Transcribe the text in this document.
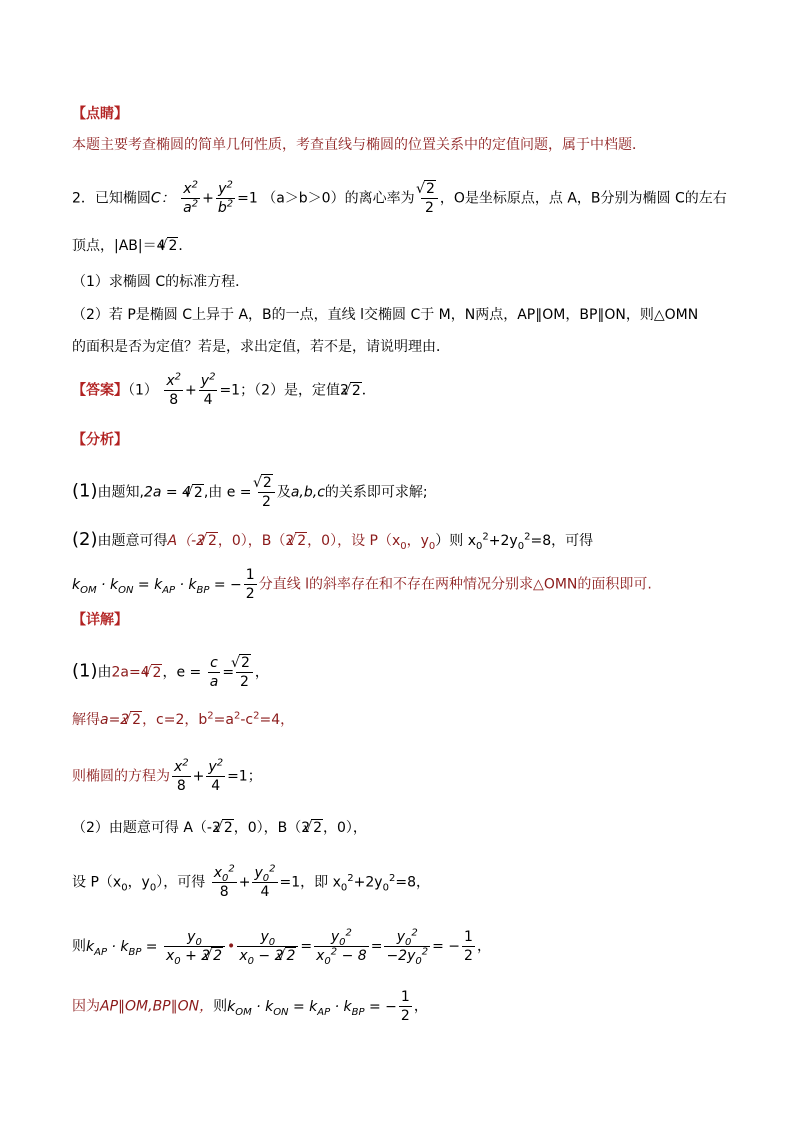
【点睛】
本题主要考查椭圆的简单几何性质，考查直线与椭圆的位置关系中的定值问题，属于中档题．
2．已知椭圆C： $\frac{x^2}{a^2} + \frac{y^2}{b^2} =1$ （a＞b＞0）的离心率为 √ $\frac{2}{2}$ ，O是坐标原点，点 A，B分别为椭圆 C的左右
顶点，|AB|＝4 √ 2．
（1）求椭圆 C的标准方程．
（2）若 P是椭圆 C上异于 A，B的一点，直线 l交椭圆 C于 M，N两点，AP∥OM，BP∥ON，则△OMN
的面积是否为定值？若是，求出定值，若不是，请说明理由．
【答案】$(1) \frac{x^2}{8} + \frac{y^2}{4} =1$；（2）是，定值2 √ 2．
【分析】
(1)由题知,2a = 4 √ 2,由 e = √ $\frac{2}{2}$ 及a,b,c的关系即可求解;
(2)由题意可得A（-2 √ 2，0），B（2 √ 2，0），设 $P(x_0$，$y_0$）则 $x_0^2+2y_0^2=8$，可得
$k_{OM} \cdot k_{ON} = k_{AP} \cdot k_{BP}$ = − $\frac{1}{2}$ 分直线 l的斜率存在和不存在两种情况分别求△OMN的面积即可.
【详解】
(1)由2a=4 √ 2，$e = \frac{c}{a}$ = √ $\frac{2}{2}$ ，
解得a=2 √ 2，c=2，$b^2=a^2-c^2=4$，
则椭圆的方程为 $\frac{x^2}{8} + \frac{y^2}{4} =1$；
（2）由题意可得 A（-2 √ 2，0），B（2 √ 2，0），
设 $P(x_0$，$y_0$），可得 $\frac{x_0^2}{8} + \frac{y_0^2}{4} =1$，即 $x_0^2+2y_0^2=8$，
则$k_{AP} \cdot k_{BP} = \frac{y_0}{x_0 + 2 √ 2}$ • $\frac{y_0}{x_0 - 2 √ 2} = \frac{y_0^2}{x_0^2 - 8} = \frac{y_0^2}{-2y_0^2}$ = − $\frac{1}{2}$ ，
因为AP∥OM,BP∥ON，则$k_{OM} \cdot k_{ON} = k_{AP} \cdot k_{BP}$ = − $\frac{1}{2}$ ，
